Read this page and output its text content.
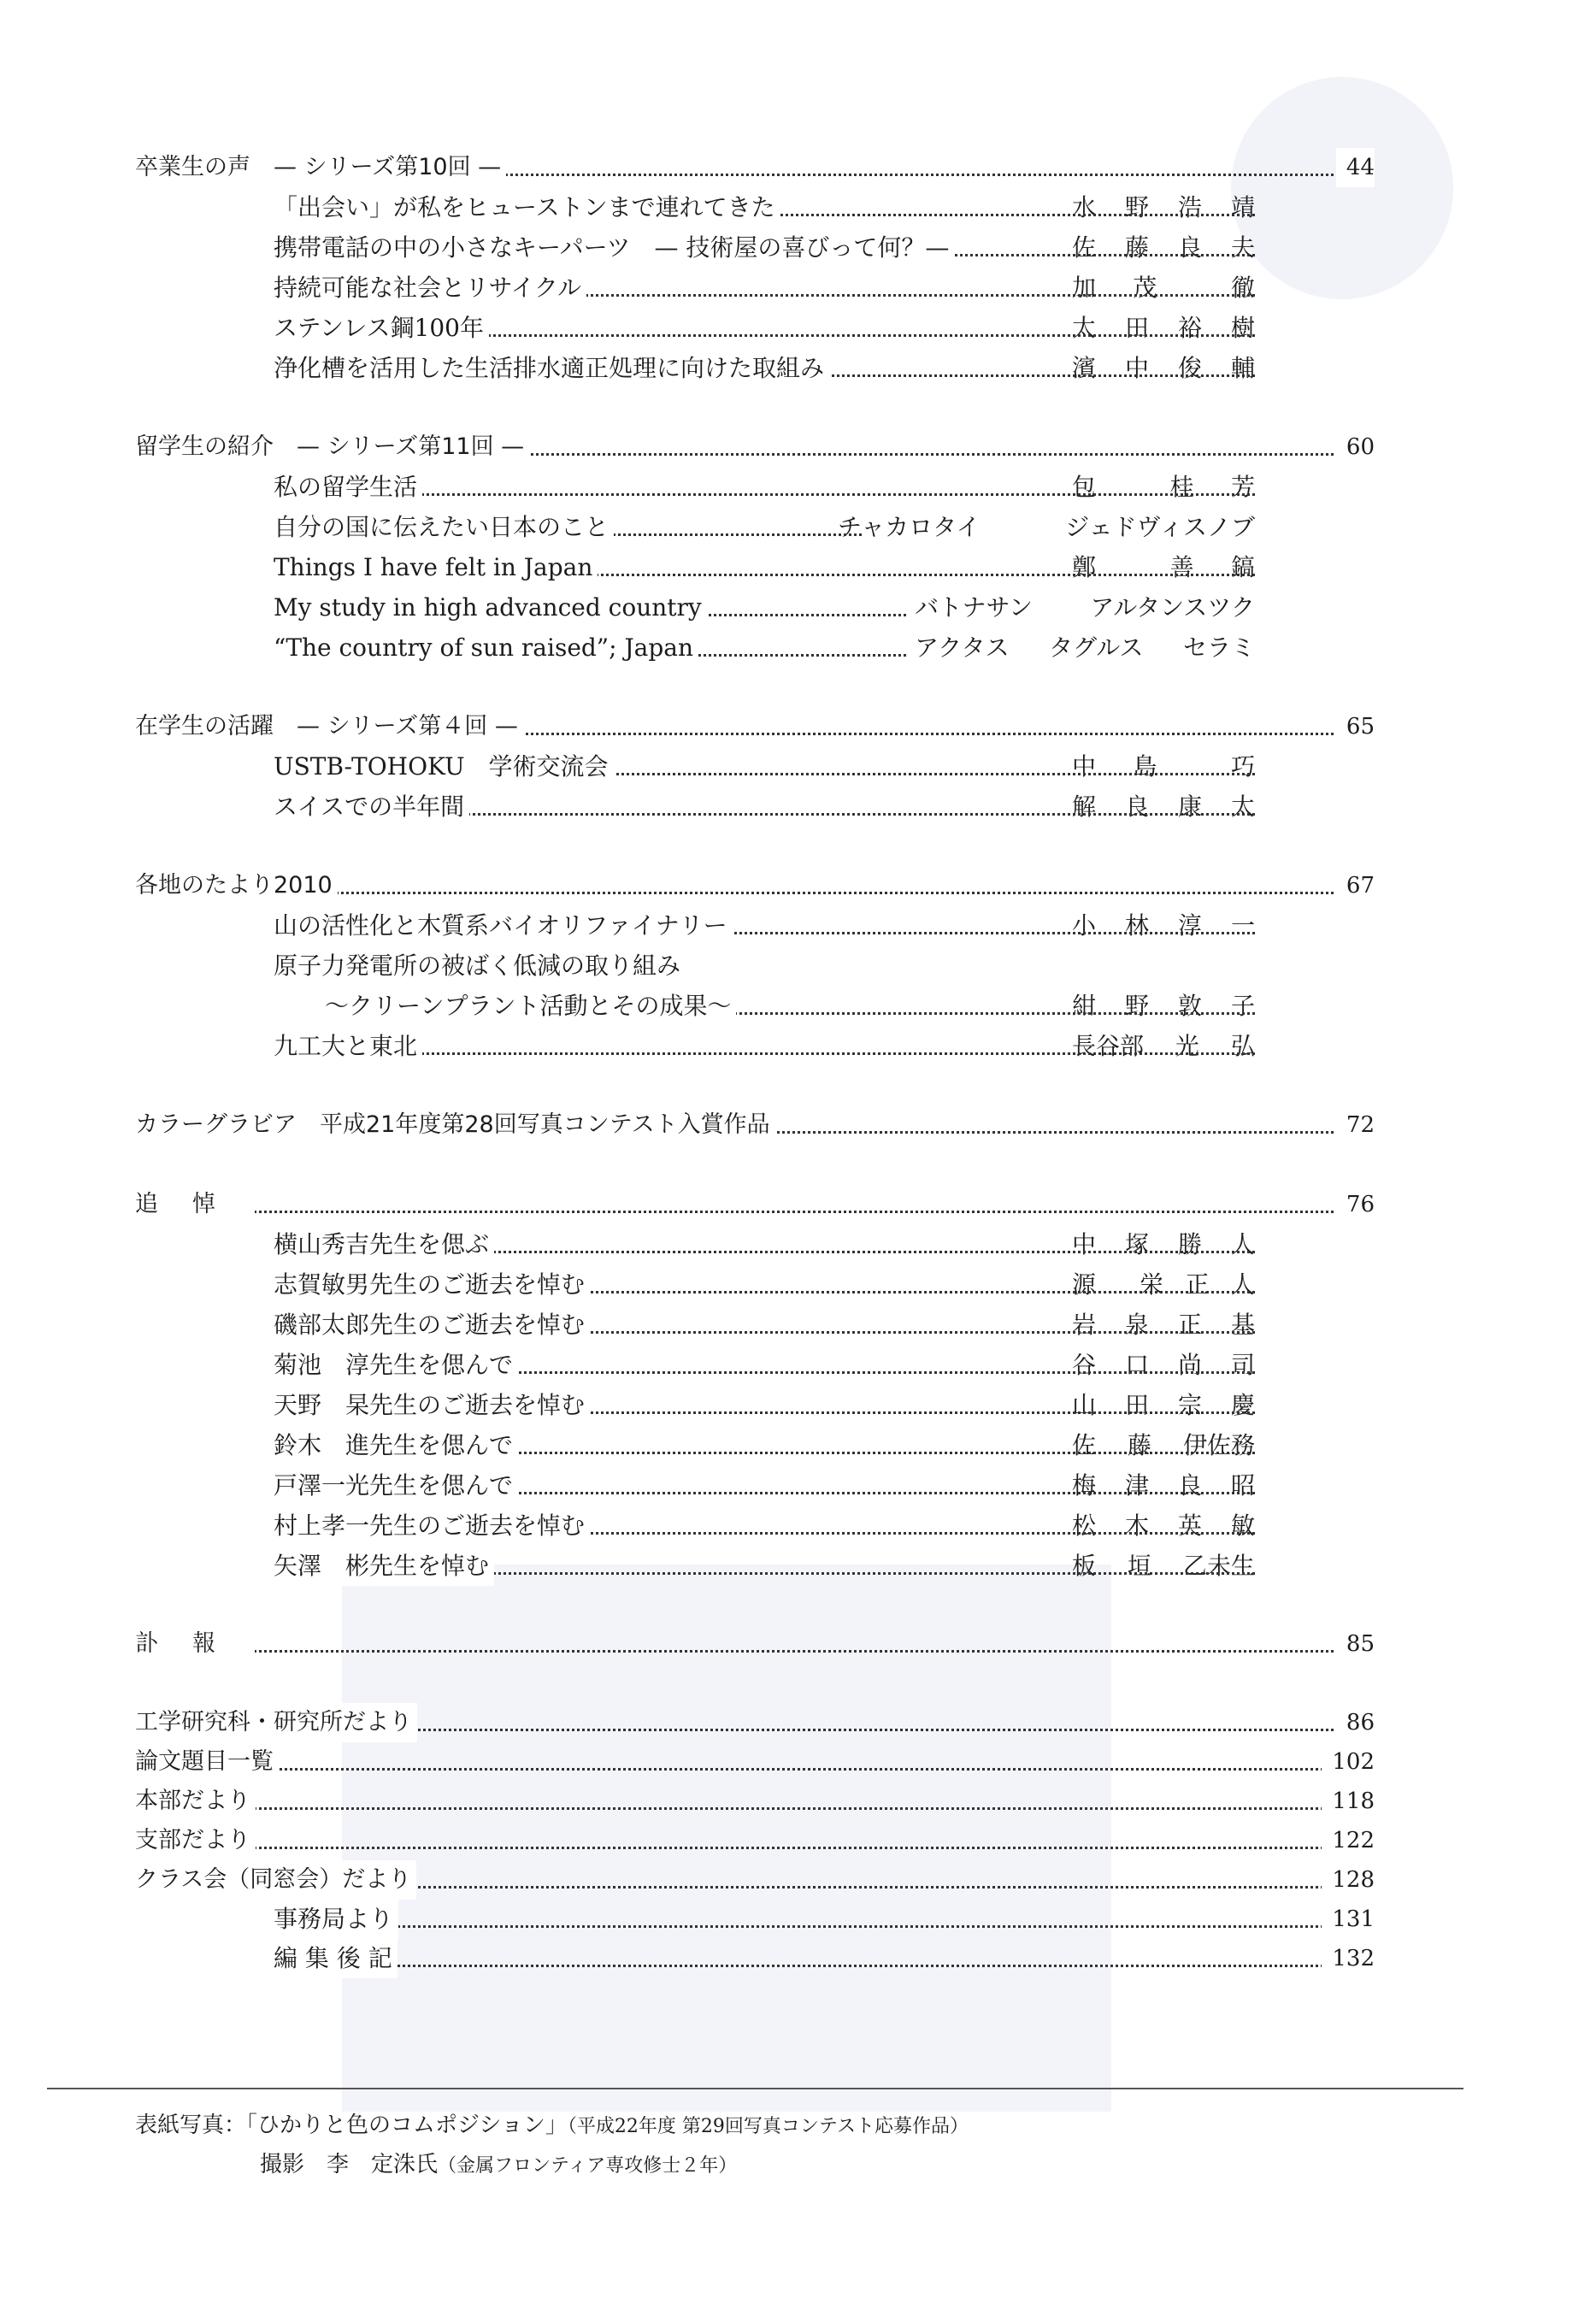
卒業生の声　— シリーズ第10回 —	44
「出会い」が私をヒューストンまで連れてきた	水 野 浩 靖
携帯電話の中の小さなキーパーツ　— 技術屋の喜びって何？—	佐 藤 良 夫
持続可能な社会とリサイクル	加 茂	徹
ステンレス鋼100年	太 田 裕 樹
浄化槽を活用した生活排水適正処理に向けた取組み	濱 中 俊 輔
留学生の紹介　— シリーズ第11回 —	60
私の留学生活	包	桂 芳
自分の国に伝えたい日本のこと	チャカロタイ	ジェドヴィスノブ
Things I have felt in Japan	鄭	善 鎬
My study in high advanced country	バトナサン アルタンスツク
“The country of sun raised”; Japan	アクタス タグルス セラミ
在学生の活躍　— シリーズ第４回 —	65
USTB-TOHOKU　学術交流会	中 島	巧
スイスでの半年間	解 良 康 太
各地のたより2010	67
山の活性化と木質系バイオリファイナリー	小 林 淳 一
原子力発電所の被ばく低減の取り組み
～クリーンプラント活動とその成果～	紺 野 敦 子
九工大と東北	長谷部 光 弘
カラーグラビア　平成21年度第28回写真コンテスト入賞作品	72
追悼	76
横山秀吉先生を偲ぶ	中 塚 勝 人
志賀敏男先生のご逝去を悼む	源 栄 正 人
磯部太郎先生のご逝去を悼む	岩 泉 正 基
菊池　淳先生を偲んで	谷 口 尚 司
天野　杲先生のご逝去を悼む	山 田 宗 慶
鈴木　進先生を偲んで	佐 藤 伊佐務
戸澤一光先生を偲んで	梅 津 良 昭
村上孝一先生のご逝去を悼む	松 木 英 敏
矢澤　彬先生を悼む	板 垣 乙未生
訃報	85
工学研究科・研究所だより	86
論文題目一覧	102
本部だより	118
支部だより	122
クラス会（同窓会）だより	128
事務局より	131
編 集 後 記	132
表紙写真：「ひかりと色のコムポジション」（平成22年度 第29回写真コンテスト応募作品）
撮影　李　定洙氏（金属フロンティア専攻修士２年）
